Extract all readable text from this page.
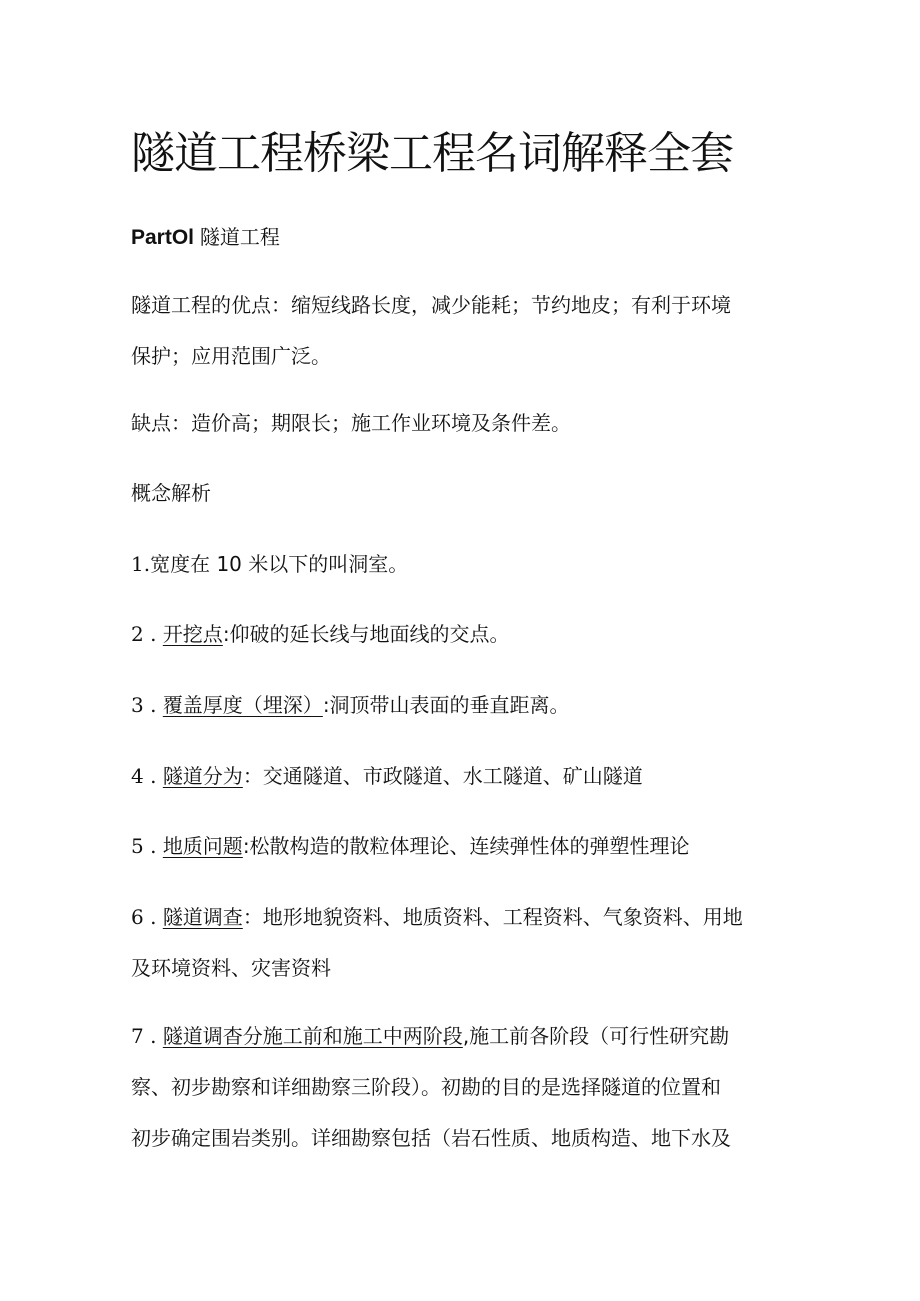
隧道工程桥梁工程名词解释全套
PartOl 隧道工程

隧道工程的优点：缩短线路长度，减少能耗；节约地皮；有利于环境
保护；应用范围广泛。

缺点：造价高；期限长；施工作业环境及条件差。

概念解析

1.宽度在 10 米以下的叫洞室。

2 . 开挖点:仰破的延长线与地面线的交点。

3 . 覆盖厚度（埋深）:洞顶带山表面的垂直距离。

4 . 隧道分为：交通隧道、市政隧道、水工隧道、矿山隧道

5 . 地质问题:松散构造的散粒体理论、连续弹性体的弹塑性理论

6 . 隧道调查：地形地貌资料、地质资料、工程资料、气象资料、用地
及环境资料、灾害资料

7 . 隧道调杳分施工前和施工中两阶段,施工前各阶段（可行性研究勘
察、初步勘察和详细勘察三阶段）。初勘的目的是选择隧道的位置和
初步确定围岩类别。详细勘察包括（岩石性质、地质构造、地下水及
